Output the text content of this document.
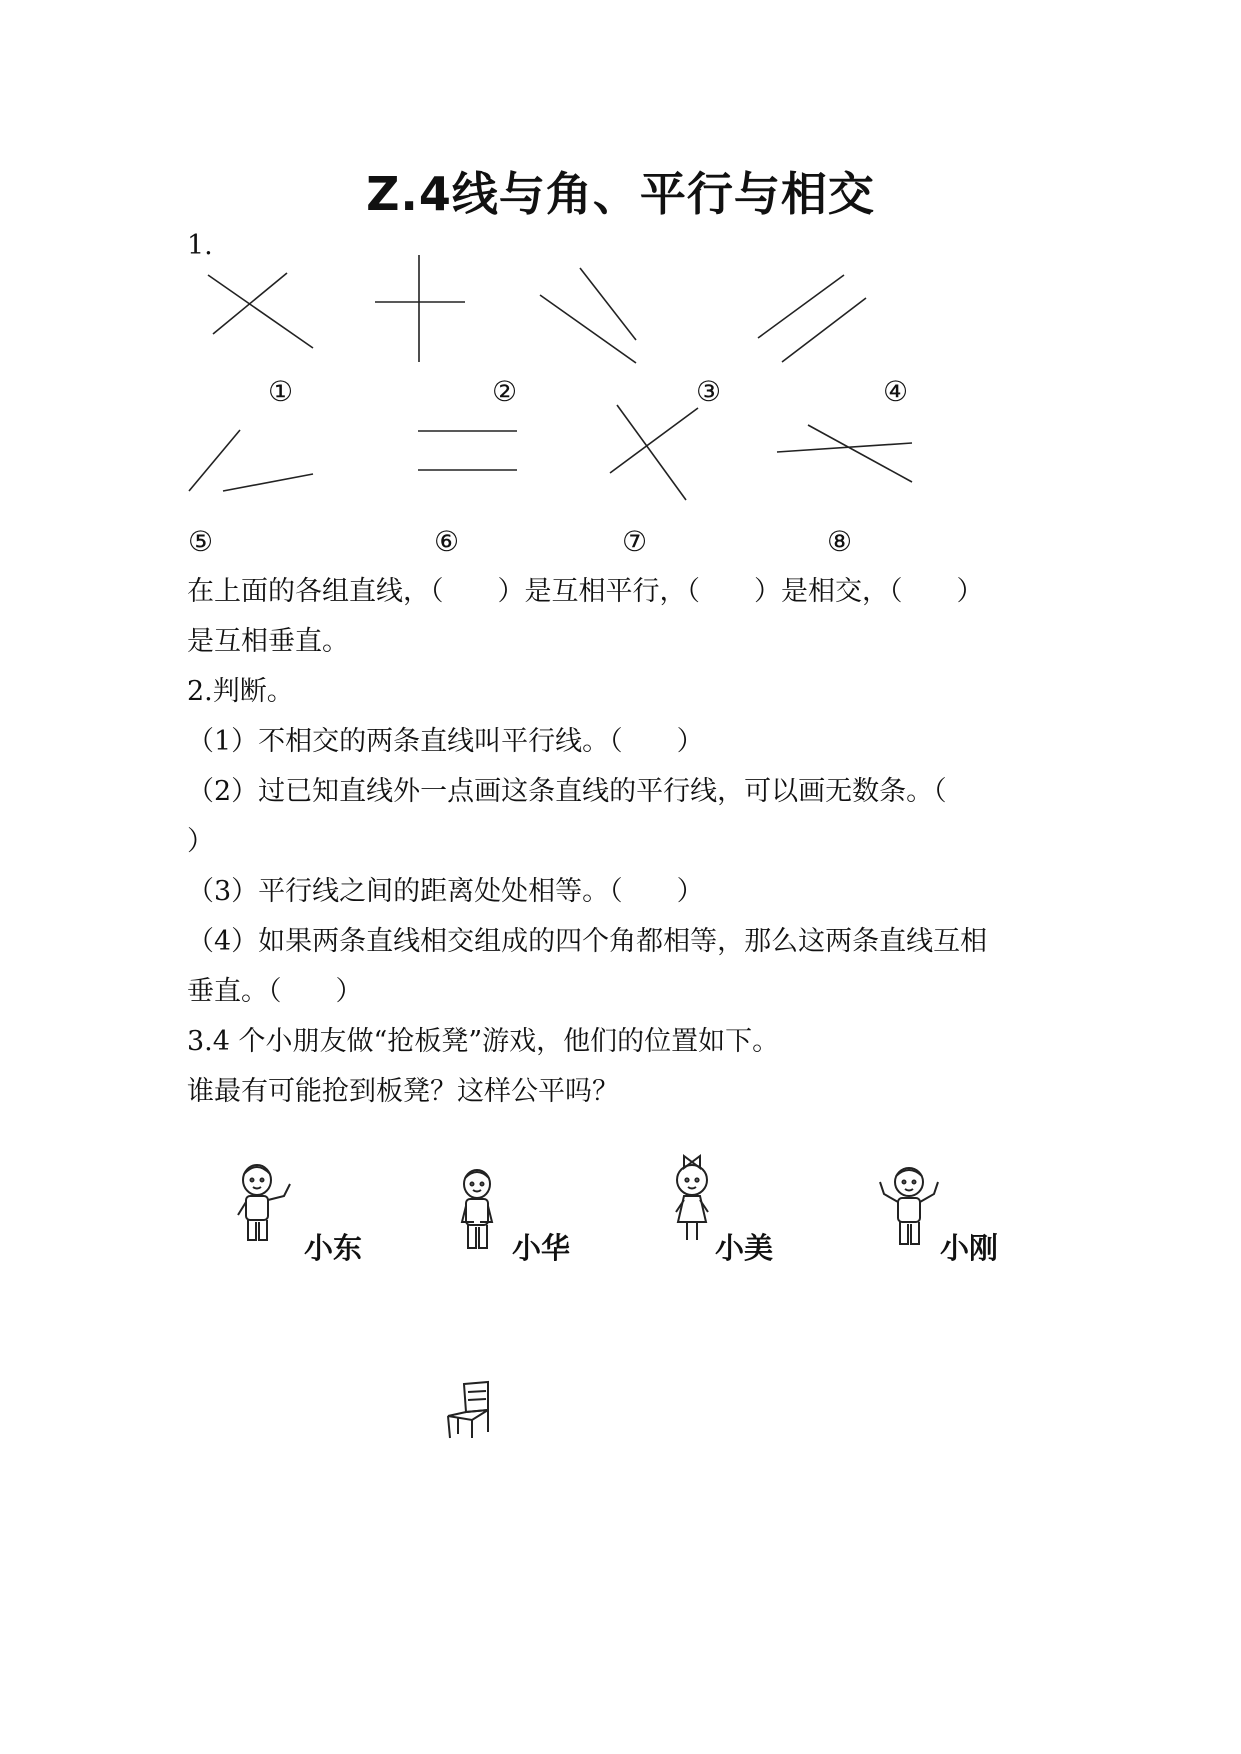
Z.4线与角、平行与相交
1.
①	②	③	④
⑤	⑥	⑦	⑧
在上面的各组直线，（　　）是互相平行，（　　）是相交，（　　）
是互相垂直。
2.判断。
（1）不相交的两条直线叫平行线。（　　）
（2）过已知直线外一点画这条直线的平行线，可以画无数条。（
）
（3）平行线之间的距离处处相等。（　　）
（4）如果两条直线相交组成的四个角都相等，那么这两条直线互相
垂直。（　　）
3.4 个小朋友做“抢板凳”游戏，他们的位置如下。
谁最有可能抢到板凳？这样公平吗？
小东	小华	小美	小刚
